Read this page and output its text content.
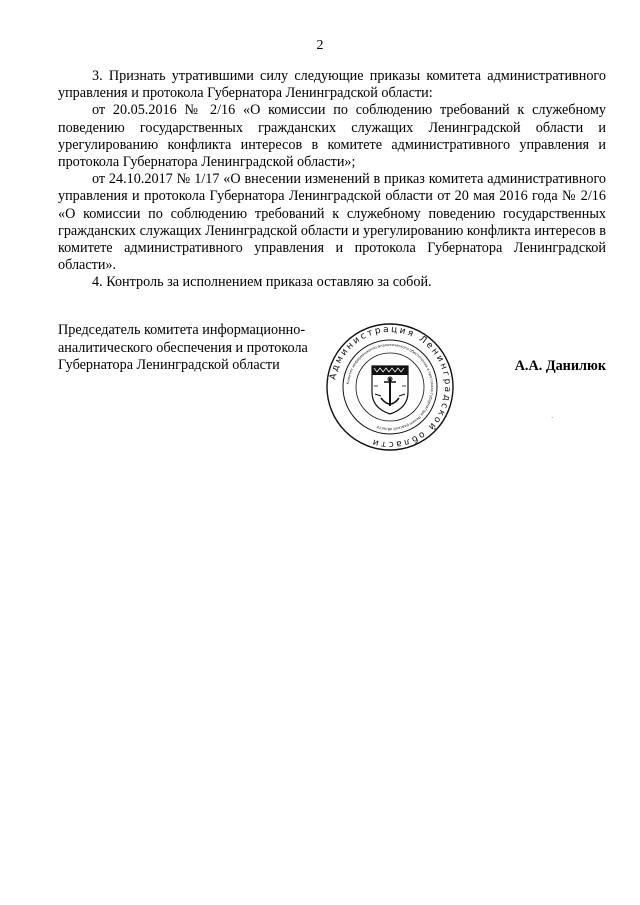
2

3. Признать утратившими силу следующие приказы комитета административного управления и протокола Губернатора Ленинградской области:

от 20.05.2016 № 2/16 «О комиссии по соблюдению требований к служебному поведению государственных гражданских служащих Ленинградской области и урегулированию конфликта интересов в комитете административного управления и протокола Губернатора Ленинградской области»;

от 24.10.2017 № 1/17 «О внесении изменений в приказ комитета административного управления и протокола Губернатора Ленинградской области от 20 мая 2016 года № 2/16 «О комиссии по соблюдению требований к служебному поведению государственных гражданских служащих Ленинградской области и урегулированию конфликта интересов в комитете административного управления и протокола Губернатора Ленинградской области».

4. Контроль за исполнением приказа оставляю за собой.

Председатель комитета информационно-
аналитического обеспечения и протокола
Губернатора Ленинградской области	А.А. Данилюк
Администрация Ленинградской области
Комитет информационно-аналитического обеспечения и протокола Губернатора Ленинградской области
`
